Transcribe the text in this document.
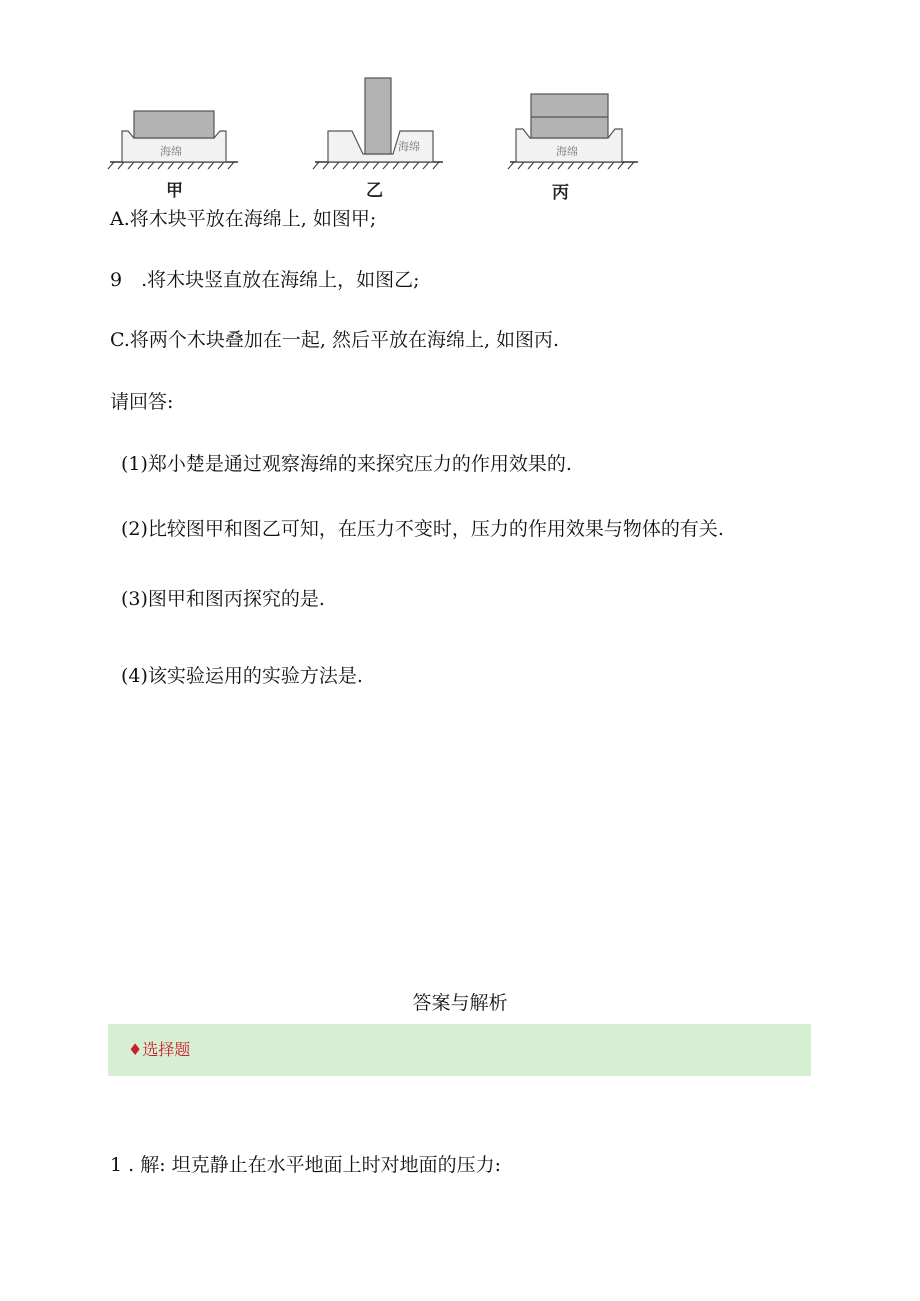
海绵
甲
海绵
乙
海绵
丙
A.将木块平放在海绵上, 如图甲;
9　.将木块竖直放在海绵上，如图乙;
C.将两个木块叠加在一起, 然后平放在海绵上, 如图丙.
请回答:
(1)郑小楚是通过观察海绵的来探究压力的作用效果的.
(2)比较图甲和图乙可知，在压力不变时，压力的作用效果与物体的有关.
(3)图甲和图丙探究的是.
(4)该实验运用的实验方法是.
答案与解析
♦选择题
1 . 解: 坦克静止在水平地面上时对地面的压力:
